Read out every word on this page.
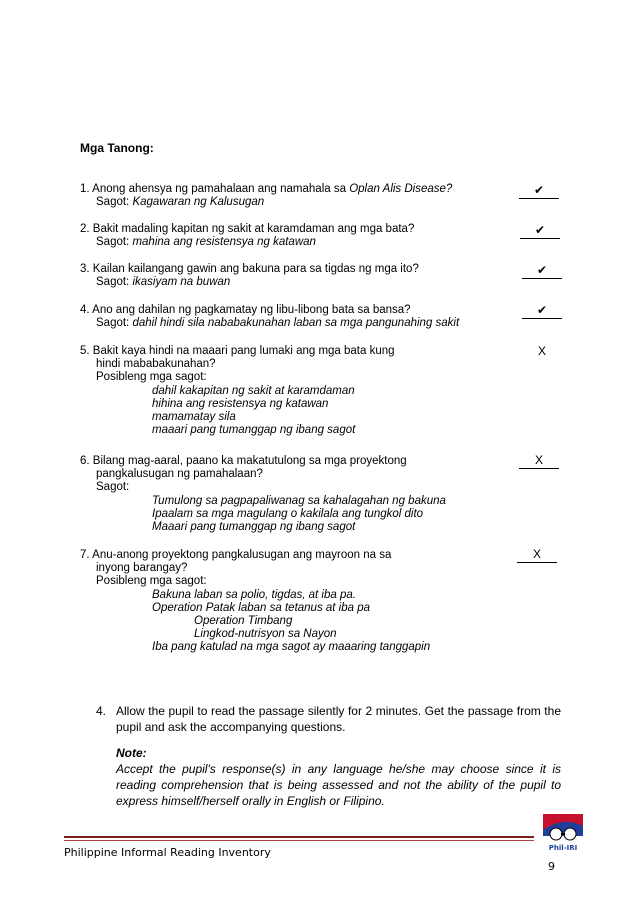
Mga Tanong:
1. Anong ahensya ng pamahalaan ang namahala sa Oplan Alis Disease?
Sagot: Kagawaran ng Kalusugan
✔
2. Bakit madaling kapitan ng sakit at karamdaman ang mga bata?
Sagot: mahina ang resistensya ng katawan
✔
3. Kailan kailangang gawin ang bakuna para sa tigdas ng mga ito?
Sagot: ikasiyam na buwan
✔
4. Ano ang dahilan ng pagkamatay ng libu-libong bata sa bansa?
Sagot: dahil hindi sila nababakunahan laban sa mga pangunahing sakit
✔
5. Bakit kaya hindi na maaari pang lumaki ang mga bata kung
hindi mababakunahan?
Posibleng mga sagot:
dahil kakapitan ng sakit at karamdaman
hihina ang resistensya ng katawan
mamamatay sila
maaari pang tumanggap ng ibang sagot
X
6. Bilang mag-aaral, paano ka makatutulong sa mga proyektong
pangkalusugan ng pamahalaan?
Sagot:
Tumulong sa pagpapaliwanag sa kahalagahan ng bakuna
Ipaalam sa mga magulang o kakilala ang tungkol dito
Maaari pang tumanggap ng ibang sagot
X
7. Anu-anong proyektong pangkalusugan ang mayroon na sa
inyong barangay?
Posibleng mga sagot:
Bakuna laban sa polio, tigdas, at iba pa.
Operation Patak laban sa tetanus at iba pa
Operation Timbang
Lingkod-nutrisyon sa Nayon
Iba pang katulad na mga sagot ay maaaring tanggapin
X
4. Allow the pupil to read the passage silently for 2 minutes. Get the passage from the pupil and ask the accompanying questions.
Note:
Accept the pupil's response(s) in any language he/she may choose since it is reading comprehension that is being assessed and not the ability of the pupil to express himself/herself orally in English or Filipino.
Philippine Informal Reading Inventory
9
Phil-IRI
